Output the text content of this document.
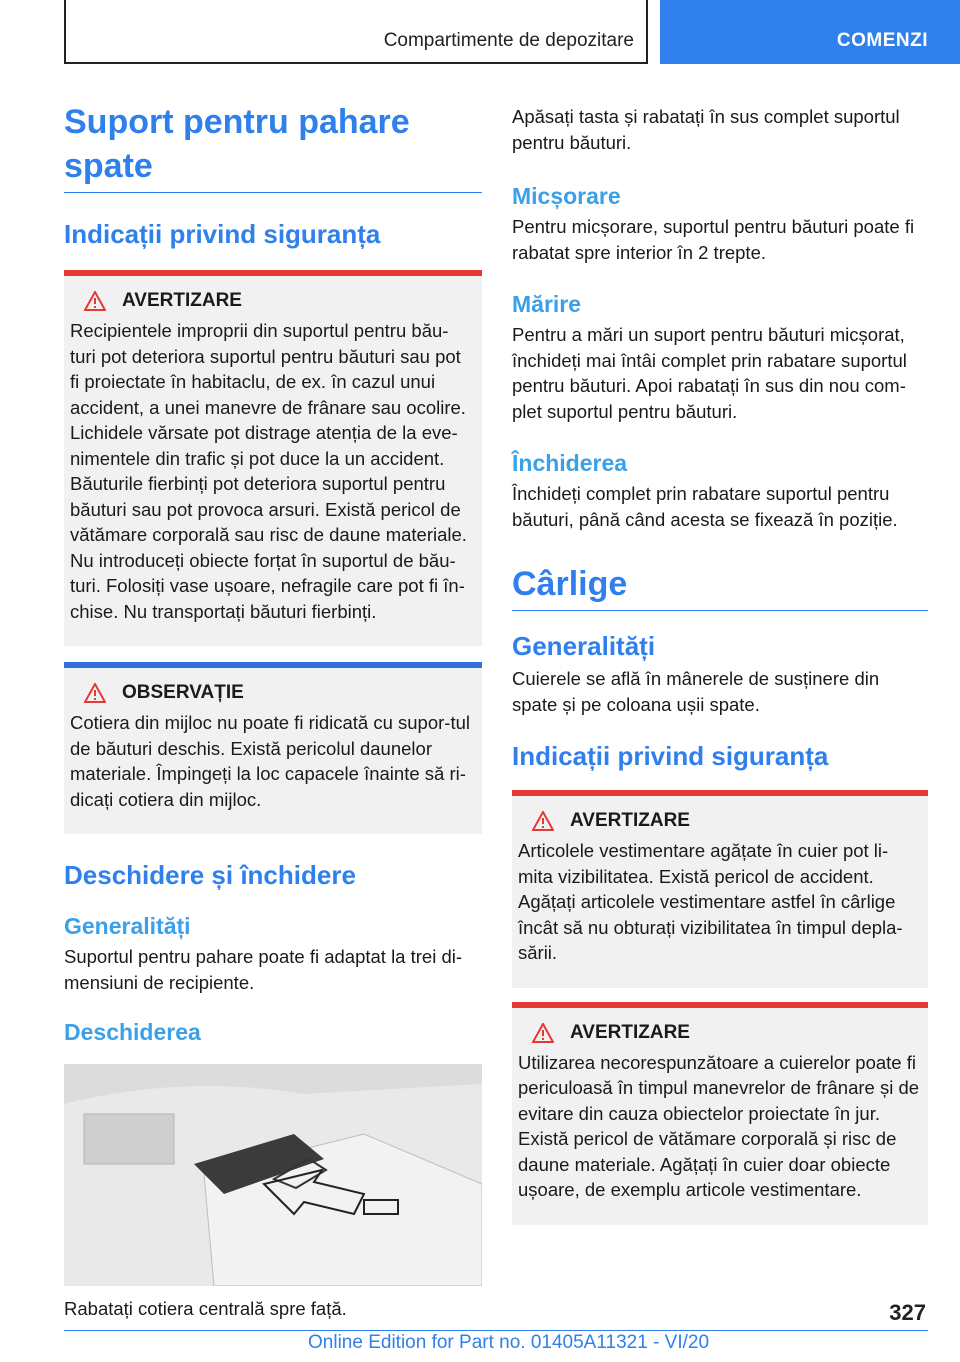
Compartimente de depozitare	COMENZI
Suport pentru pahare spate
Indicații privind siguranța
AVERTIZARE

Recipientele improprii din suportul pentru bău-turi pot deteriora suportul pentru băuturi sau pot fi proiectate în habitaclu, de ex. în cazul unui accident, a unei manevre de frânare sau ocolire. Lichidele vărsate pot distrage atenția de la eve-nimentele din trafic și pot duce la un accident. Băuturile fierbinți pot deteriora suportul pentru băuturi sau pot provoca arsuri. Există pericol de vătămare corporală sau risc de daune materiale. Nu introduceți obiecte forțat în suportul de bău-turi. Folosiți vase ușoare, nefragile care pot fi în-chise. Nu transportați băuturi fierbinți.

OBSERVAȚIE

Cotiera din mijloc nu poate fi ridicată cu supor-tul de băuturi deschis. Există pericolul daunelor materiale. Împingeți la loc capacele înainte să ri-dicați cotiera din mijloc.

Deschidere și închidere
Generalități

Suportul pentru pahare poate fi adaptat la trei di-mensiuni de recipiente.

Deschiderea

Rabatați cotiera centrală spre față.

Apăsați tasta și rabatați în sus complet suportul pentru băuturi.

Micșorare

Pentru micșorare, suportul pentru băuturi poate fi rabatat spre interior în 2 trepte.

Mărire

Pentru a mări un suport pentru băuturi micșorat, închideți mai întâi complet prin rabatare suportul pentru băuturi. Apoi rabatați în sus din nou com-plet suportul pentru băuturi.

Închiderea

Închideți complet prin rabatare suportul pentru băuturi, până când acesta se fixează în poziție.

Cârlige
Generalități

Cuierele se află în mânerele de susținere din spate și pe coloana ușii spate.

Indicații privind siguranța
AVERTIZARE

Articolele vestimentare agățate în cuier pot li-mita vizibilitatea. Există pericol de accident. Agățați articolele vestimentare astfel în cârlige încât să nu obturați vizibilitatea în timpul depla-sării.

AVERTIZARE

Utilizarea necorespunzătoare a cuierelor poate fi periculoasă în timpul manevrelor de frânare și de evitare din cauza obiectelor proiectate în jur. Există pericol de vătămare corporală și risc de daune materiale. Agățați în cuier doar obiecte ușoare, de exemplu articole vestimentare.

327
Online Edition for Part no. 01405A11321 - VI/20
